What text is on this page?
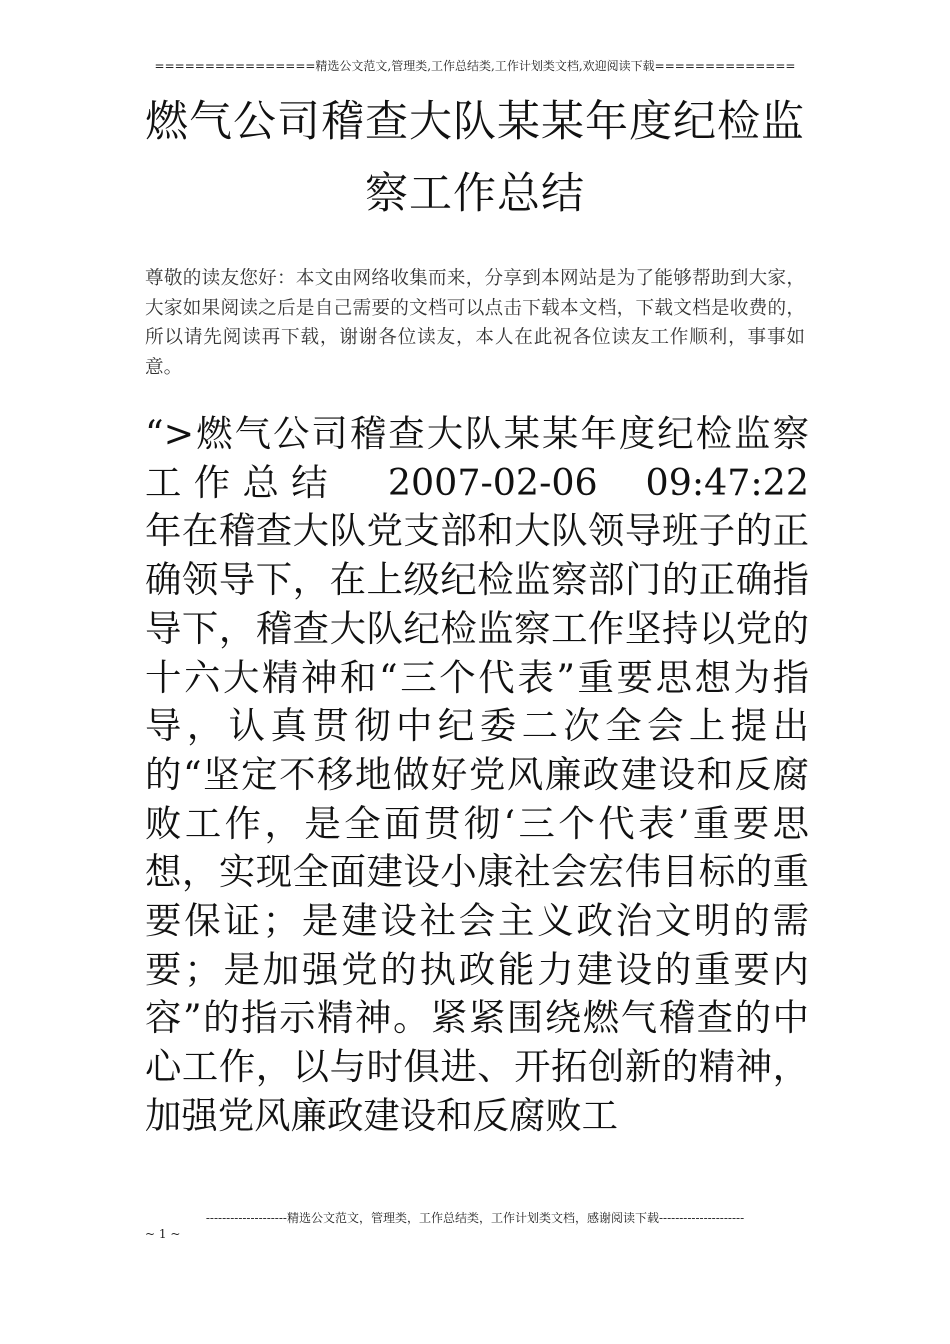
================精选公文范文,管理类,工作总结类,工作计划类文档,欢迎阅读下载==============
燃气公司稽查大队某某年度纪检监察工作总结
尊敬的读友您好：本文由网络收集而来，分享到本网站是为了能够帮助到大家，大家如果阅读之后是自己需要的文档可以点击下载本文档，下载文档是收费的，所以请先阅读再下载，谢谢各位读友，本人在此祝各位读友工作顺利，事事如意。
“>燃气公司稽查大队某某年度纪检监察工作总结  2007-02-06  09:47:22        年在稽查大队党支部和大队领导班子的正确领导下，在上级纪检监察部门的正确指导下，稽查大队纪检监察工作坚持以党的十六大精神和“三个代表”重要思想为指导，认真贯彻中纪委二次全会上提出的“坚定不移地做好党风廉政建设和反腐败工作，是全面贯彻‘三个代表’重要思想，实现全面建设小康社会宏伟目标的重要保证；是建设社会主义政治文明的需要；是加强党的执政能力建设的重要内容”的指示精神。紧紧围绕燃气稽查的中心工作，以与时俱进、开拓创新的精神，加强党风廉政建设和反腐败工
--------------------精选公文范文，管理类，工作总结类，工作计划类文档，感谢阅读下载---------------------
~ 1 ~
